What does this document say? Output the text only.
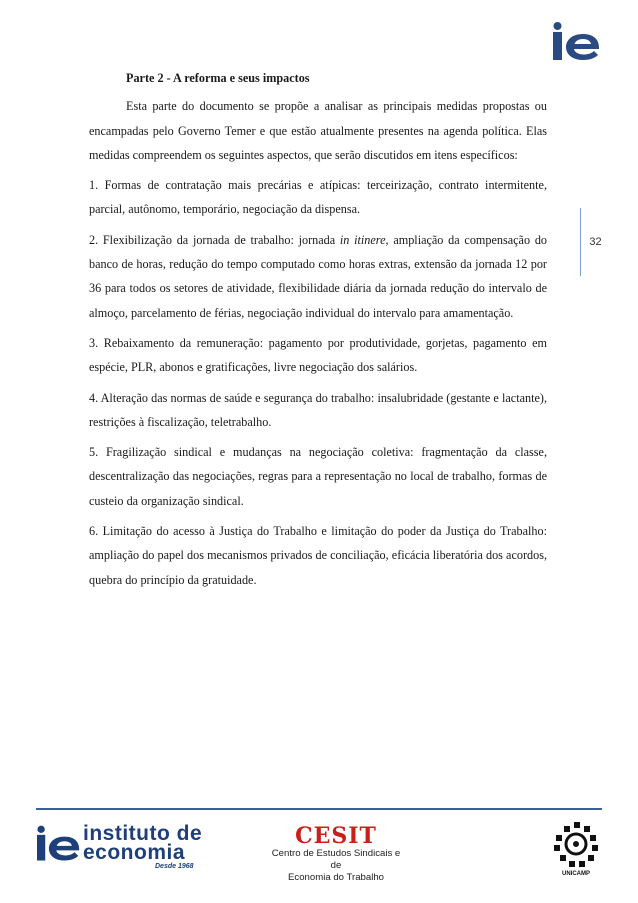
32

Parte 2 - A reforma e seus impactos

Esta parte do documento se propõe a analisar as principais medidas propostas ou encampadas pelo Governo Temer e que estão atualmente presentes na agenda política. Elas medidas compreendem os seguintes aspectos, que serão discutidos em itens específicos:

1. Formas de contratação mais precárias e atípicas: terceirização, contrato intermitente, parcial, autônomo, temporário, negociação da dispensa.

2. Flexibilização da jornada de trabalho: jornada in itinere, ampliação da compensação do banco de horas, redução do tempo computado como horas extras, extensão da jornada 12 por 36 para todos os setores de atividade, flexibilidade diária da jornada redução do intervalo de almoço, parcelamento de férias, negociação individual do intervalo para amamentação.

3. Rebaixamento da remuneração: pagamento por produtividade, gorjetas, pagamento em espécie, PLR, abonos e gratificações, livre negociação dos salários.

4. Alteração das normas de saúde e segurança do trabalho: insalubridade (gestante e lactante), restrições à fiscalização, teletrabalho.

5. Fragilização sindical e mudanças na negociação coletiva: fragmentação da classe, descentralização das negociações, regras para a representação no local de trabalho, formas de custeio da organização sindical.

6. Limitação do acesso à Justiça do Trabalho e limitação do poder da Justiça do Trabalho: ampliação do papel dos mecanismos privados de conciliação, eficácia liberatória dos acordos, quebra do princípio da gratuidade.

instituto de
economia
Desde 1968
CESIT
Centro de Estudos Sindicais e de
Economia do Trabalho	UNICAMP
